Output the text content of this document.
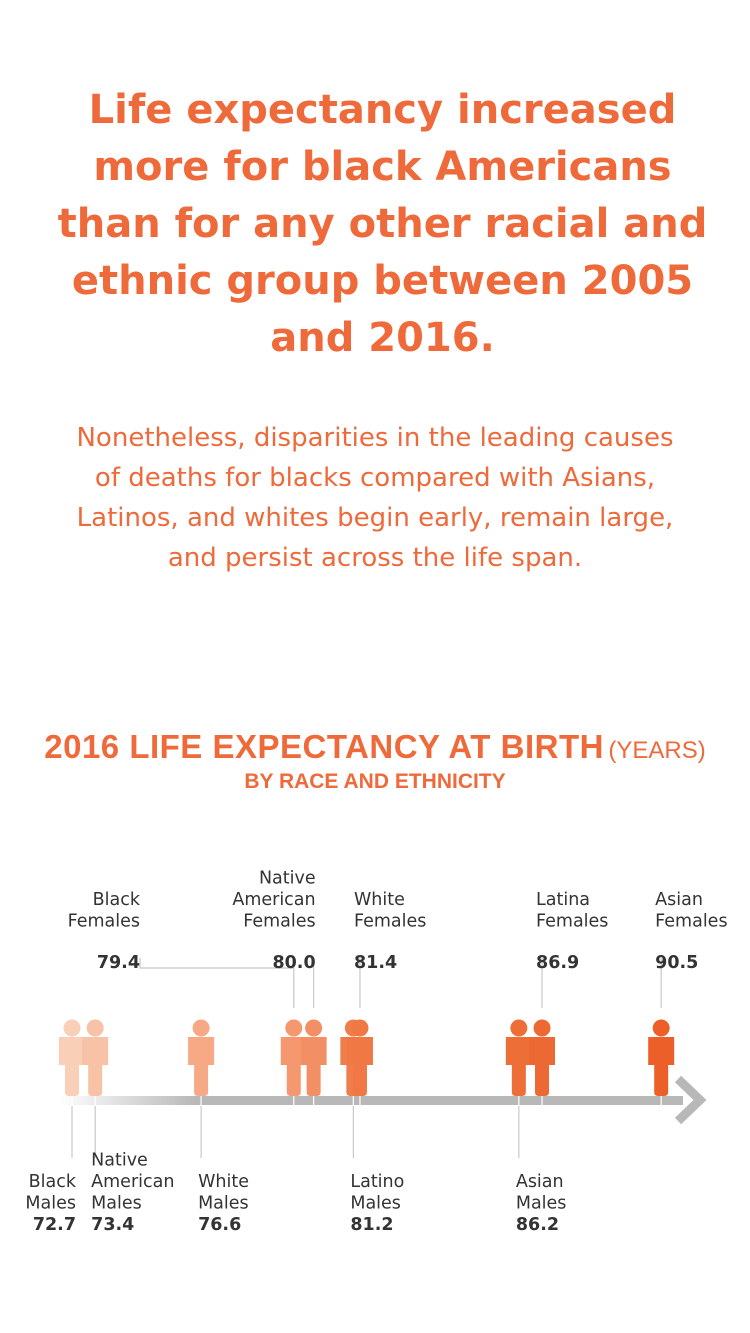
Life expectancy increased more for black Americans than for any other racial and ethnic group between 2005 and 2016.

Nonetheless, disparities in the leading causes of deaths for blacks compared with Asians, Latinos, and whites begin early, remain large, and persist across the life span.

2016 LIFE EXPECTANCY AT BIRTH (YEARS)
BY RACE AND ETHNICITY
Black
Males
72.7
Native
American
Males
73.4
White
Males
76.6
Black
Females
79.4
Native
American
Females
80.0
Latino
Males
81.2
White
Females
81.4
Asian
Males
86.2
Latina
Females
86.9
Asian
Females
90.5
